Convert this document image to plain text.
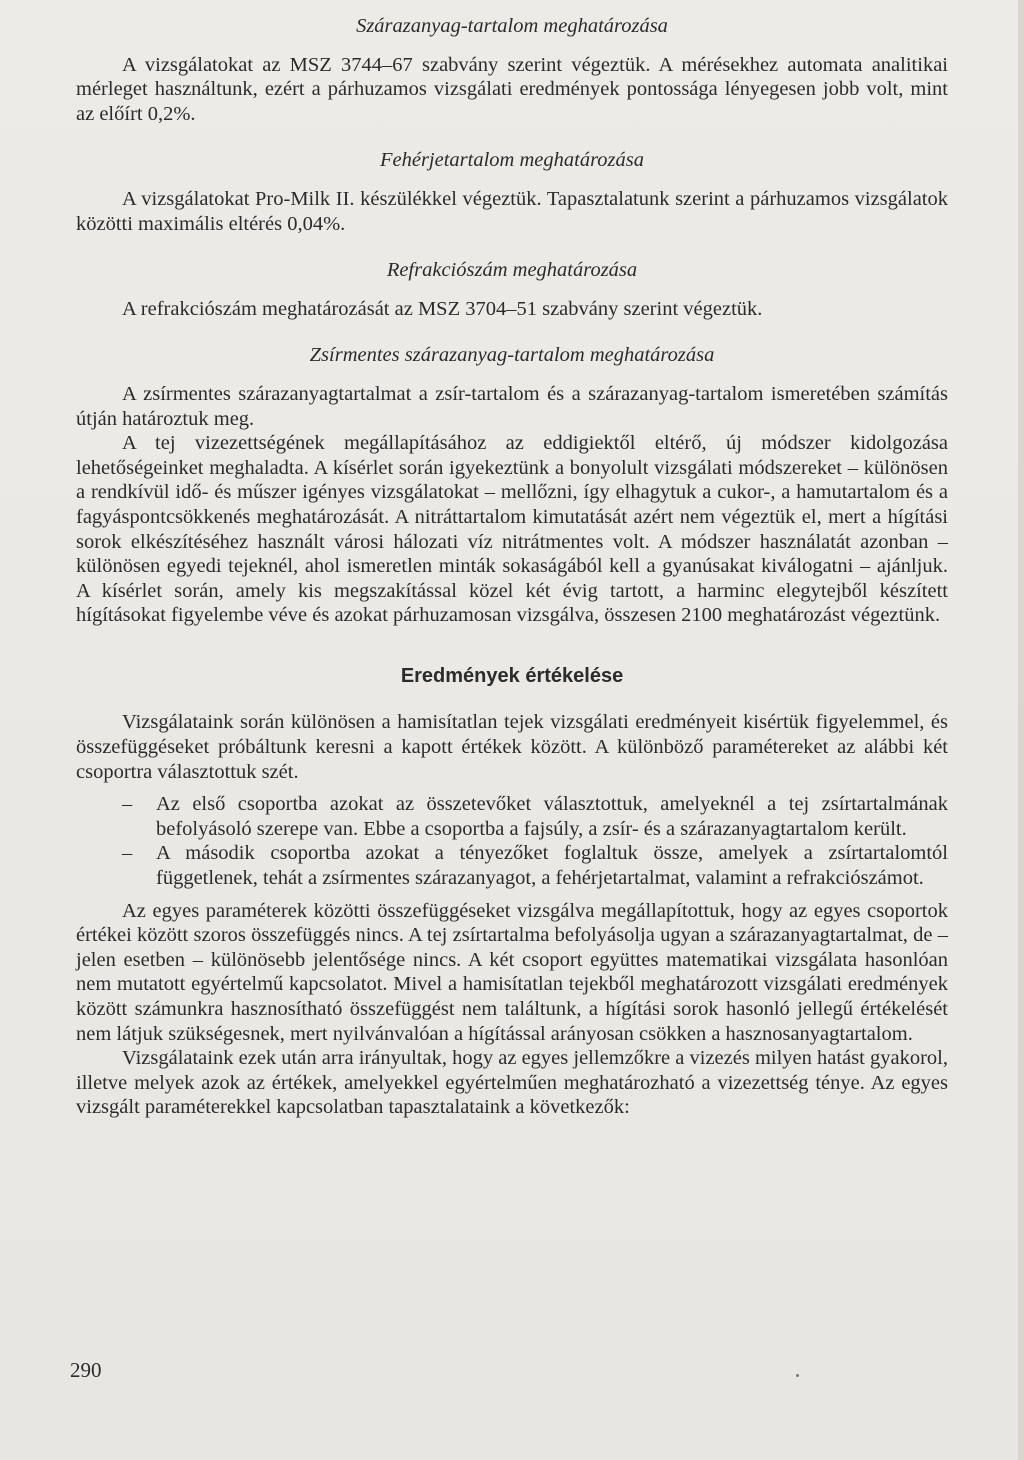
Szárazanyag-tartalom meghatározása

A vizsgálatokat az MSZ 3744–67 szabvány szerint végeztük. A mérésekhez automata analitikai mérleget használtunk, ezért a párhuzamos vizsgálati eredmények pontossága lényegesen jobb volt, mint az előírt 0,2%.

Fehérjetartalom meghatározása

A vizsgálatokat Pro-Milk II. készülékkel végeztük. Tapasztalatunk szerint a párhuzamos vizsgálatok közötti maximális eltérés 0,04%.

Refrakciószám meghatározása

A refrakciószám meghatározását az MSZ 3704–51 szabvány szerint végeztük.

Zsírmentes szárazanyag-tartalom meghatározása

A zsírmentes szárazanyagtartalmat a zsír-tartalom és a szárazanyag-tartalom ismeretében számítás útján határoztuk meg.

A tej vizezettségének megállapításához az eddigiektől eltérő, új módszer kidolgozása lehetőségeinket meghaladta. A kísérlet során igyekeztünk a bonyolult vizsgálati módszereket – különösen a rendkívül idő- és műszer igényes vizsgálatokat – mellőzni, így elhagytuk a cukor-, a hamutartalom és a fagyáspontcsökkenés meghatározását. A nitráttartalom kimutatását azért nem végeztük el, mert a hígítási sorok elkészítéséhez használt városi hálozati víz nitrátmentes volt. A módszer használatát azonban – különösen egyedi tejeknél, ahol ismeretlen minták sokaságából kell a gyanúsakat kiválogatni – ajánljuk. A kísérlet során, amely kis megszakítással közel két évig tartott, a harminc elegytejből készített hígításokat figyelembe véve és azokat párhuzamosan vizsgálva, összesen 2100 meghatározást végeztünk.

Eredmények értékelése

Vizsgálataink során különösen a hamisítatlan tejek vizsgálati eredményeit kisértük figyelemmel, és összefüggéseket próbáltunk keresni a kapott értékek között. A különböző paramétereket az alábbi két csoportra választottuk szét.

– Az első csoportba azokat az összetevőket választottuk, amelyeknél a tej zsírtartalmának befolyásoló szerepe van. Ebbe a csoportba a fajsúly, a zsír- és a szárazanyagtartalom került.

– A második csoportba azokat a tényezőket foglaltuk össze, amelyek a zsírtartalomtól függetlenek, tehát a zsírmentes szárazanyagot, a fehérjetartalmat, valamint a refrakciószámot.

Az egyes paraméterek közötti összefüggéseket vizsgálva megállapítottuk, hogy az egyes csoportok értékei között szoros összefüggés nincs. A tej zsírtartalma befolyásolja ugyan a szárazanyagtartalmat, de – jelen esetben – különösebb jelentősége nincs. A két csoport együttes matematikai vizsgálata hasonlóan nem mutatott egyértelmű kapcsolatot. Mivel a hamisítatlan tejekből meghatározott vizsgálati eredmények között számunkra hasznosítható összefüggést nem találtunk, a hígítási sorok hasonló jellegű értékelését nem látjuk szükségesnek, mert nyilvánvalóan a hígítással arányosan csökken a hasznosanyagtartalom.

Vizsgálataink ezek után arra irányultak, hogy az egyes jellemzőkre a vizezés milyen hatást gyakorol, illetve melyek azok az értékek, amelyekkel egyértelműen meghatározható a vizezettség ténye. Az egyes vizsgált paraméterekkel kapcsolatban tapasztalataink a következők:

290
